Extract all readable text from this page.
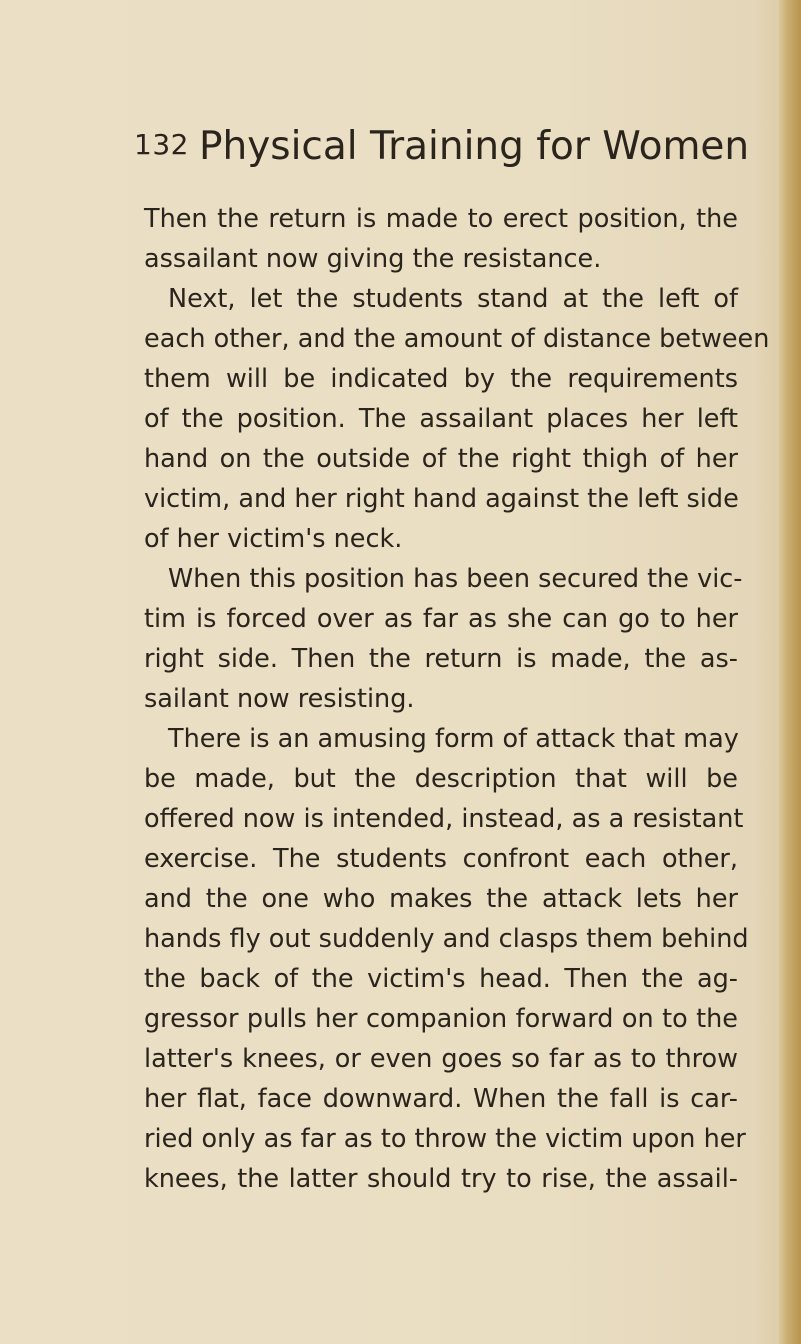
132 Physical Training for Women
Then the return is made to erect position, the
assailant now giving the resistance.
Next, let the students stand at the left of
each other, and the amount of distance between
them will be indicated by the requirements
of the position. The assailant places her left
hand on the outside of the right thigh of her
victim, and her right hand against the left side
of her victim's neck.
When this position has been secured the vic-
tim is forced over as far as she can go to her
right side. Then the return is made, the as-
sailant now resisting.
There is an amusing form of attack that may
be made, but the description that will be
offered now is intended, instead, as a resistant
exercise. The students confront each other,
and the one who makes the attack lets her
hands fly out suddenly and clasps them behind
the back of the victim's head. Then the ag-
gressor pulls her companion forward on to the
latter's knees, or even goes so far as to throw
her flat, face downward. When the fall is car-
ried only as far as to throw the victim upon her
knees, the latter should try to rise, the assail-
